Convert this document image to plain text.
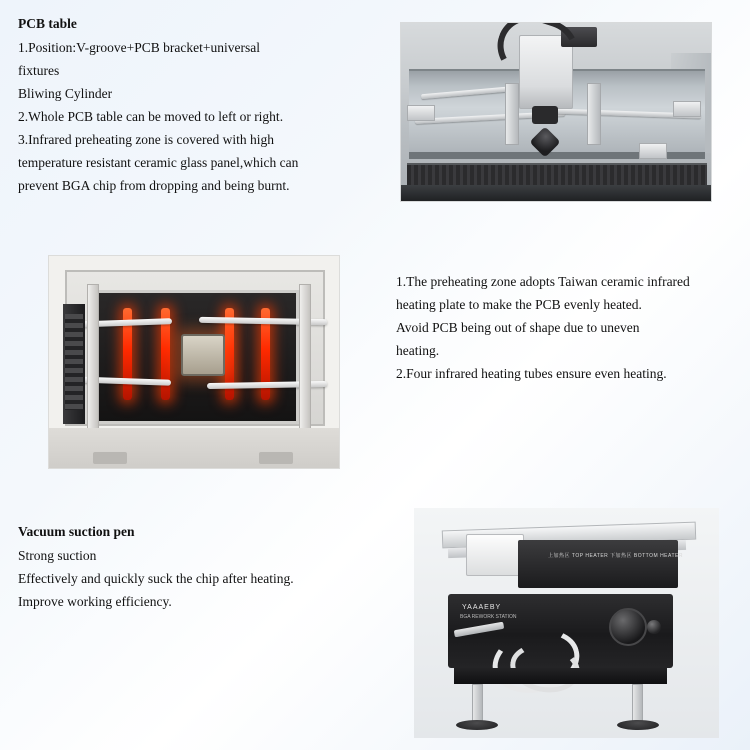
PCB table
1.Position:V-groove+PCB bracket+universal
fixtures
Bliwing Cylinder
2.Whole PCB table can be moved to left or right.
3.Infrared preheating zone is covered with high
temperature resistant ceramic glass panel,which can
prevent BGA chip from dropping and being burnt.
1.The preheating zone adopts Taiwan ceramic infrared
heating plate to make the PCB evenly heated.
Avoid PCB being out of shape due to uneven
heating.
2.Four infrared heating tubes ensure even heating.
Vacuum suction pen
Strong suction
Effectively and quickly suck the chip after heating.
Improve working efficiency.
上加热区 TOP HEATER 下加热区 BOTTOM HEATER
YAAAEBY
BGA REWORK STATION
